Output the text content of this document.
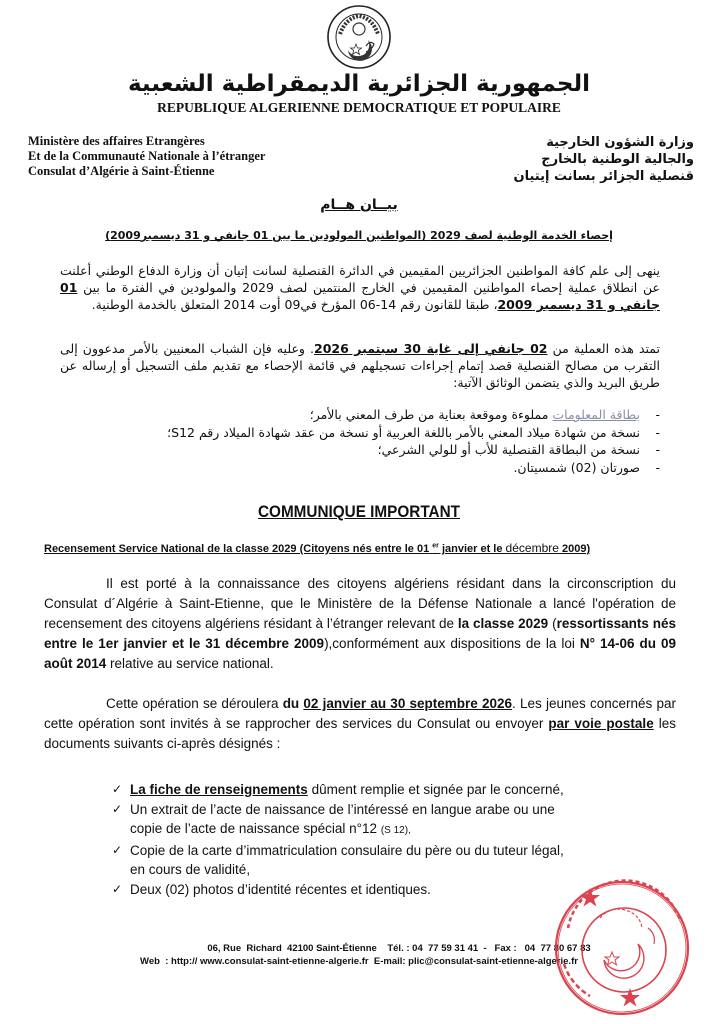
الجمهورية الجزائرية الديمقراطية الشعبية
REPUBLIQUE ALGERIENNE DEMOCRATIQUE ET POPULAIRE
Ministère des affaires Etrangères
Et de la Communauté Nationale à l’étranger
Consulat d’Algérie à Saint-Étienne
وزارة الشؤون الخارجية
والجالية الوطنية بالخارج
قنصلية الجزائر بسانت إيتيان
بيــان هــام
إحصاء الخدمة الوطنية لصف 2029 (المواطنين المولودين ما بين 01 جانفي و 31 ديسمبر2009)
ينهى إلى علم كافة المواطنين الجزائريين المقيمين في الدائرة القنصلية لسانت إتيان أن وزارة الدفاع الوطني أعلنت عن انطلاق عملية إحصاء المواطنين المقيمين في الخارج المنتمين لصف 2029 والمولودين في الفترة ما بين 01 جانفي و 31 ديسمبر 2009، طبقا للقانون رقم 14-06 المؤرخ في09 أوت 2014 المتعلق بالخدمة الوطنية.
تمتد هذه العملية من 02 جانفي إلى غاية 30 سبتمبر 2026. وعليه فإن الشباب المعنيين بالأمر مدعوون إلى التقرب من مصالح القنصلية قصد إتمام إجراءات تسجيلهم في قائمة الإحصاء مع تقديم ملف التسجيل أو إرساله عن طريق البريد والذي يتضمن الوثائق الآتية:
- بطاقة المعلومات مملوءة وموقعة بعناية من طرف المعني بالأمر؛
- نسخة من شهادة ميلاد المعني بالأمر باللغة العربية أو نسخة من عقد شهادة الميلاد رقم S12؛
- نسخة من البطاقة القنصلية للأب أو للولي الشرعي؛
- صورتان (02) شمسيتان.
COMMUNIQUE IMPORTANT
Recensement Service National de la classe 2029 (Citoyens nés entre le 01 $^{er}$ janvier et le décembre 2009)
Il est porté à la connaissance des citoyens algériens résidant dans la circonscription du Consulat d´Algérie à Saint-Etienne, que le Ministère de la Défense Nationale a lancé l'opération de recensement des citoyens algériens résidant à l’étranger relevant de la classe 2029 (ressortissants nés entre le 1er janvier et le 31 décembre 2009),conformément aux dispositions de la loi N° 14-06 du 09 août 2014 relative au service national.
Cette opération se déroulera du 02 janvier au 30 septembre 2026. Les jeunes concernés par cette opération sont invités à se rapprocher des services du Consulat ou envoyer par voie postale les documents suivants ci-après désignés :
✓ La fiche de renseignements dûment remplie et signée par le concerné,
✓ Un extrait de l’acte de naissance de l’intéressé en langue arabe ou une copie de l’acte de naissance spécial n°12 (S 12),
✓ Copie de la carte d’immatriculation consulaire du père ou du tuteur légal, en cours de validité,
✓ Deux (02) photos d’identité récentes et identiques.
06, Rue  Richard  42100 Saint-Étienne    Tél. : 04  77 59 31 41  -   Fax :   04  77 80 67 83
Web  : http:// www.consulat-saint-etienne-algerie.fr  E-mail: plic@consulat-saint-etienne-algerie.fr
